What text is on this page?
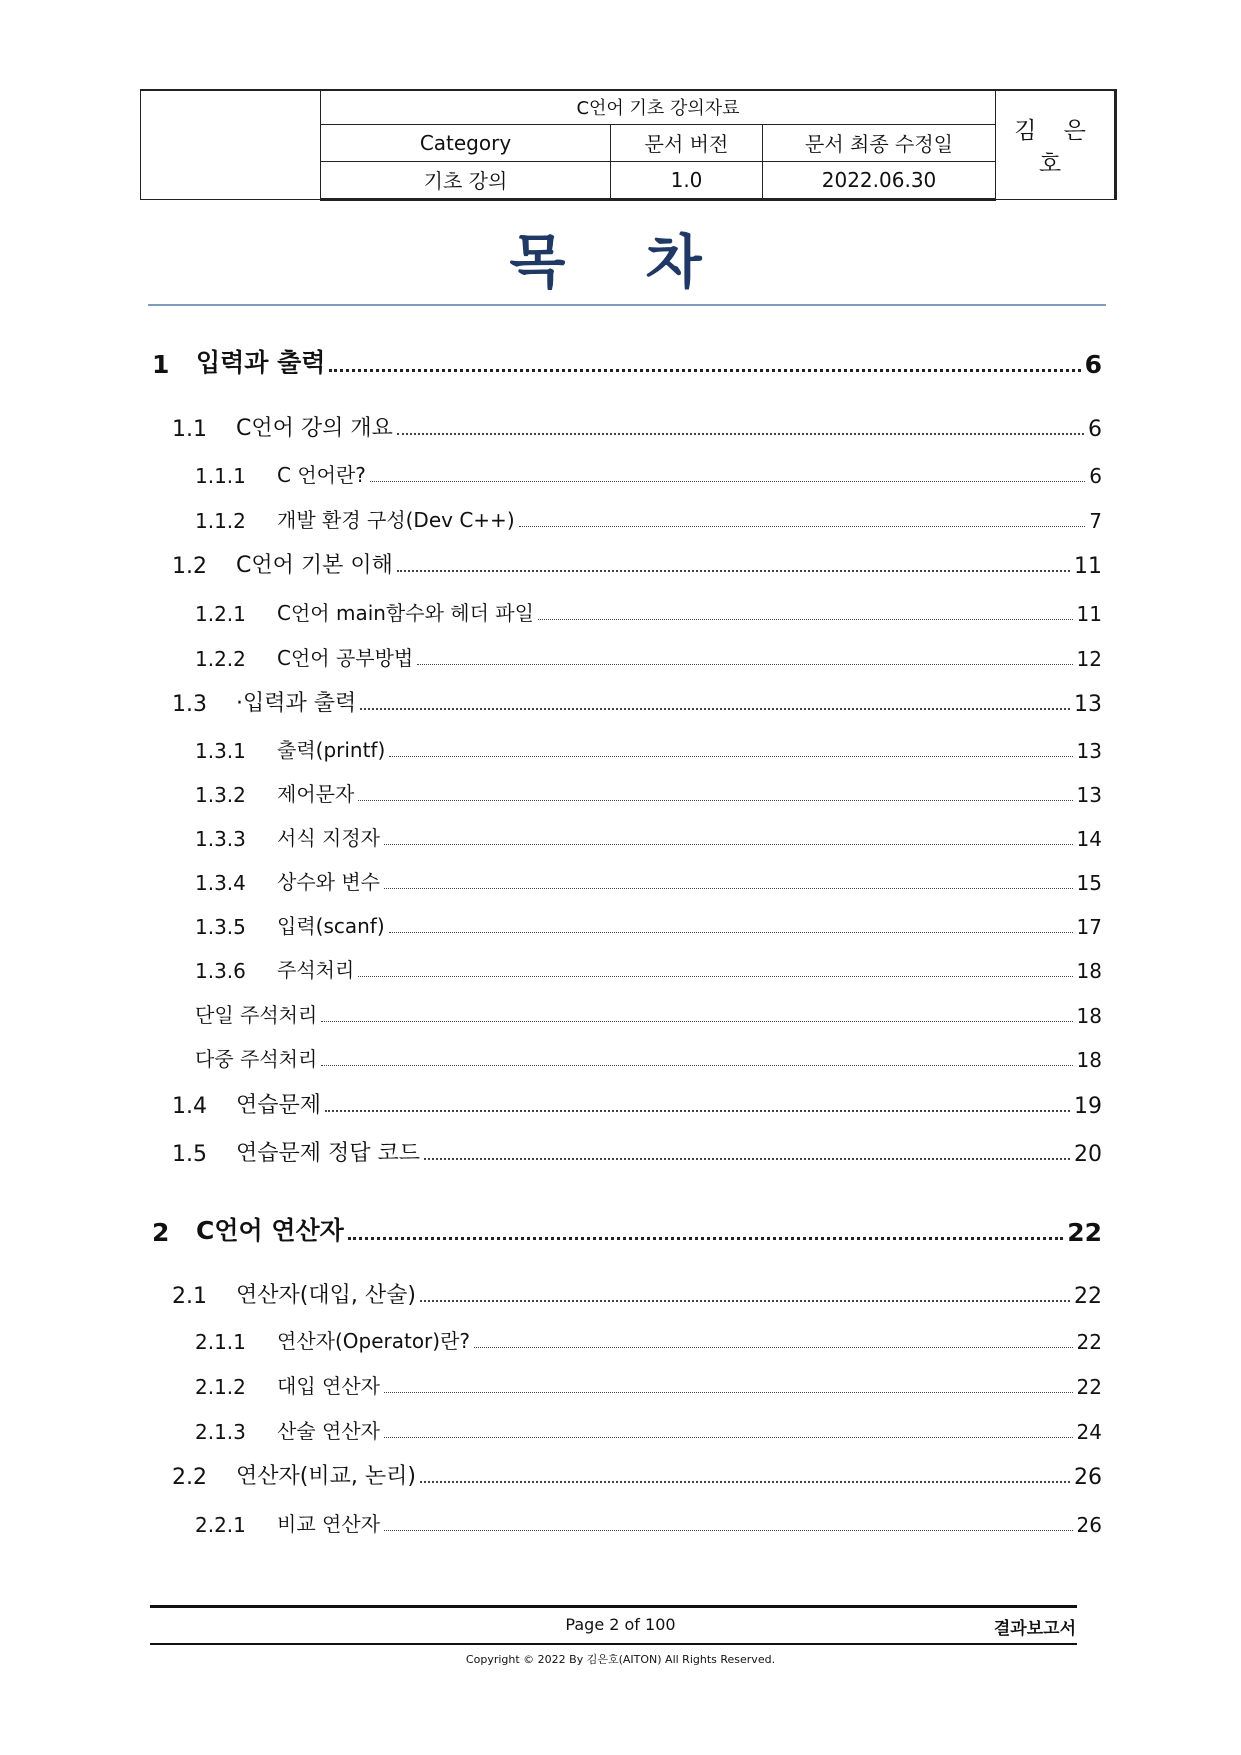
	C언어 기초 강의자료			김 은 호
	Category	문서 버전	문서 최종 수정일	
	기초 강의	1.0	2022.06.30	
목 차
1	입력과 출력	6
1.1	C언어 강의 개요	6
1.1.1	C 언어란?	6
1.1.2	개발 환경 구성(Dev C++)	7
1.2	C언어 기본 이해	11
1.2.1	C언어 main함수와 헤더 파일	11
1.2.2	C언어 공부방법	12
1.3	·입력과 출력	13
1.3.1	출력(printf)	13
1.3.2	제어문자	13
1.3.3	서식 지정자	14
1.3.4	상수와 변수	15
1.3.5	입력(scanf)	17
1.3.6	주석처리	18
단일 주석처리	18
다중 주석처리	18
1.4	연습문제	19
1.5	연습문제 정답 코드	20
2	C언어 연산자	22
2.1	연산자(대입, 산술)	22
2.1.1	연산자(Operator)란?	22
2.1.2	대입 연산자	22
2.1.3	산술 연산자	24
2.2	연산자(비교, 논리)	26
2.2.1	비교 연산자	26
Page 2 of 100	결과보고서
Copyright © 2022 By 김은호(AITON) All Rights Reserved.
